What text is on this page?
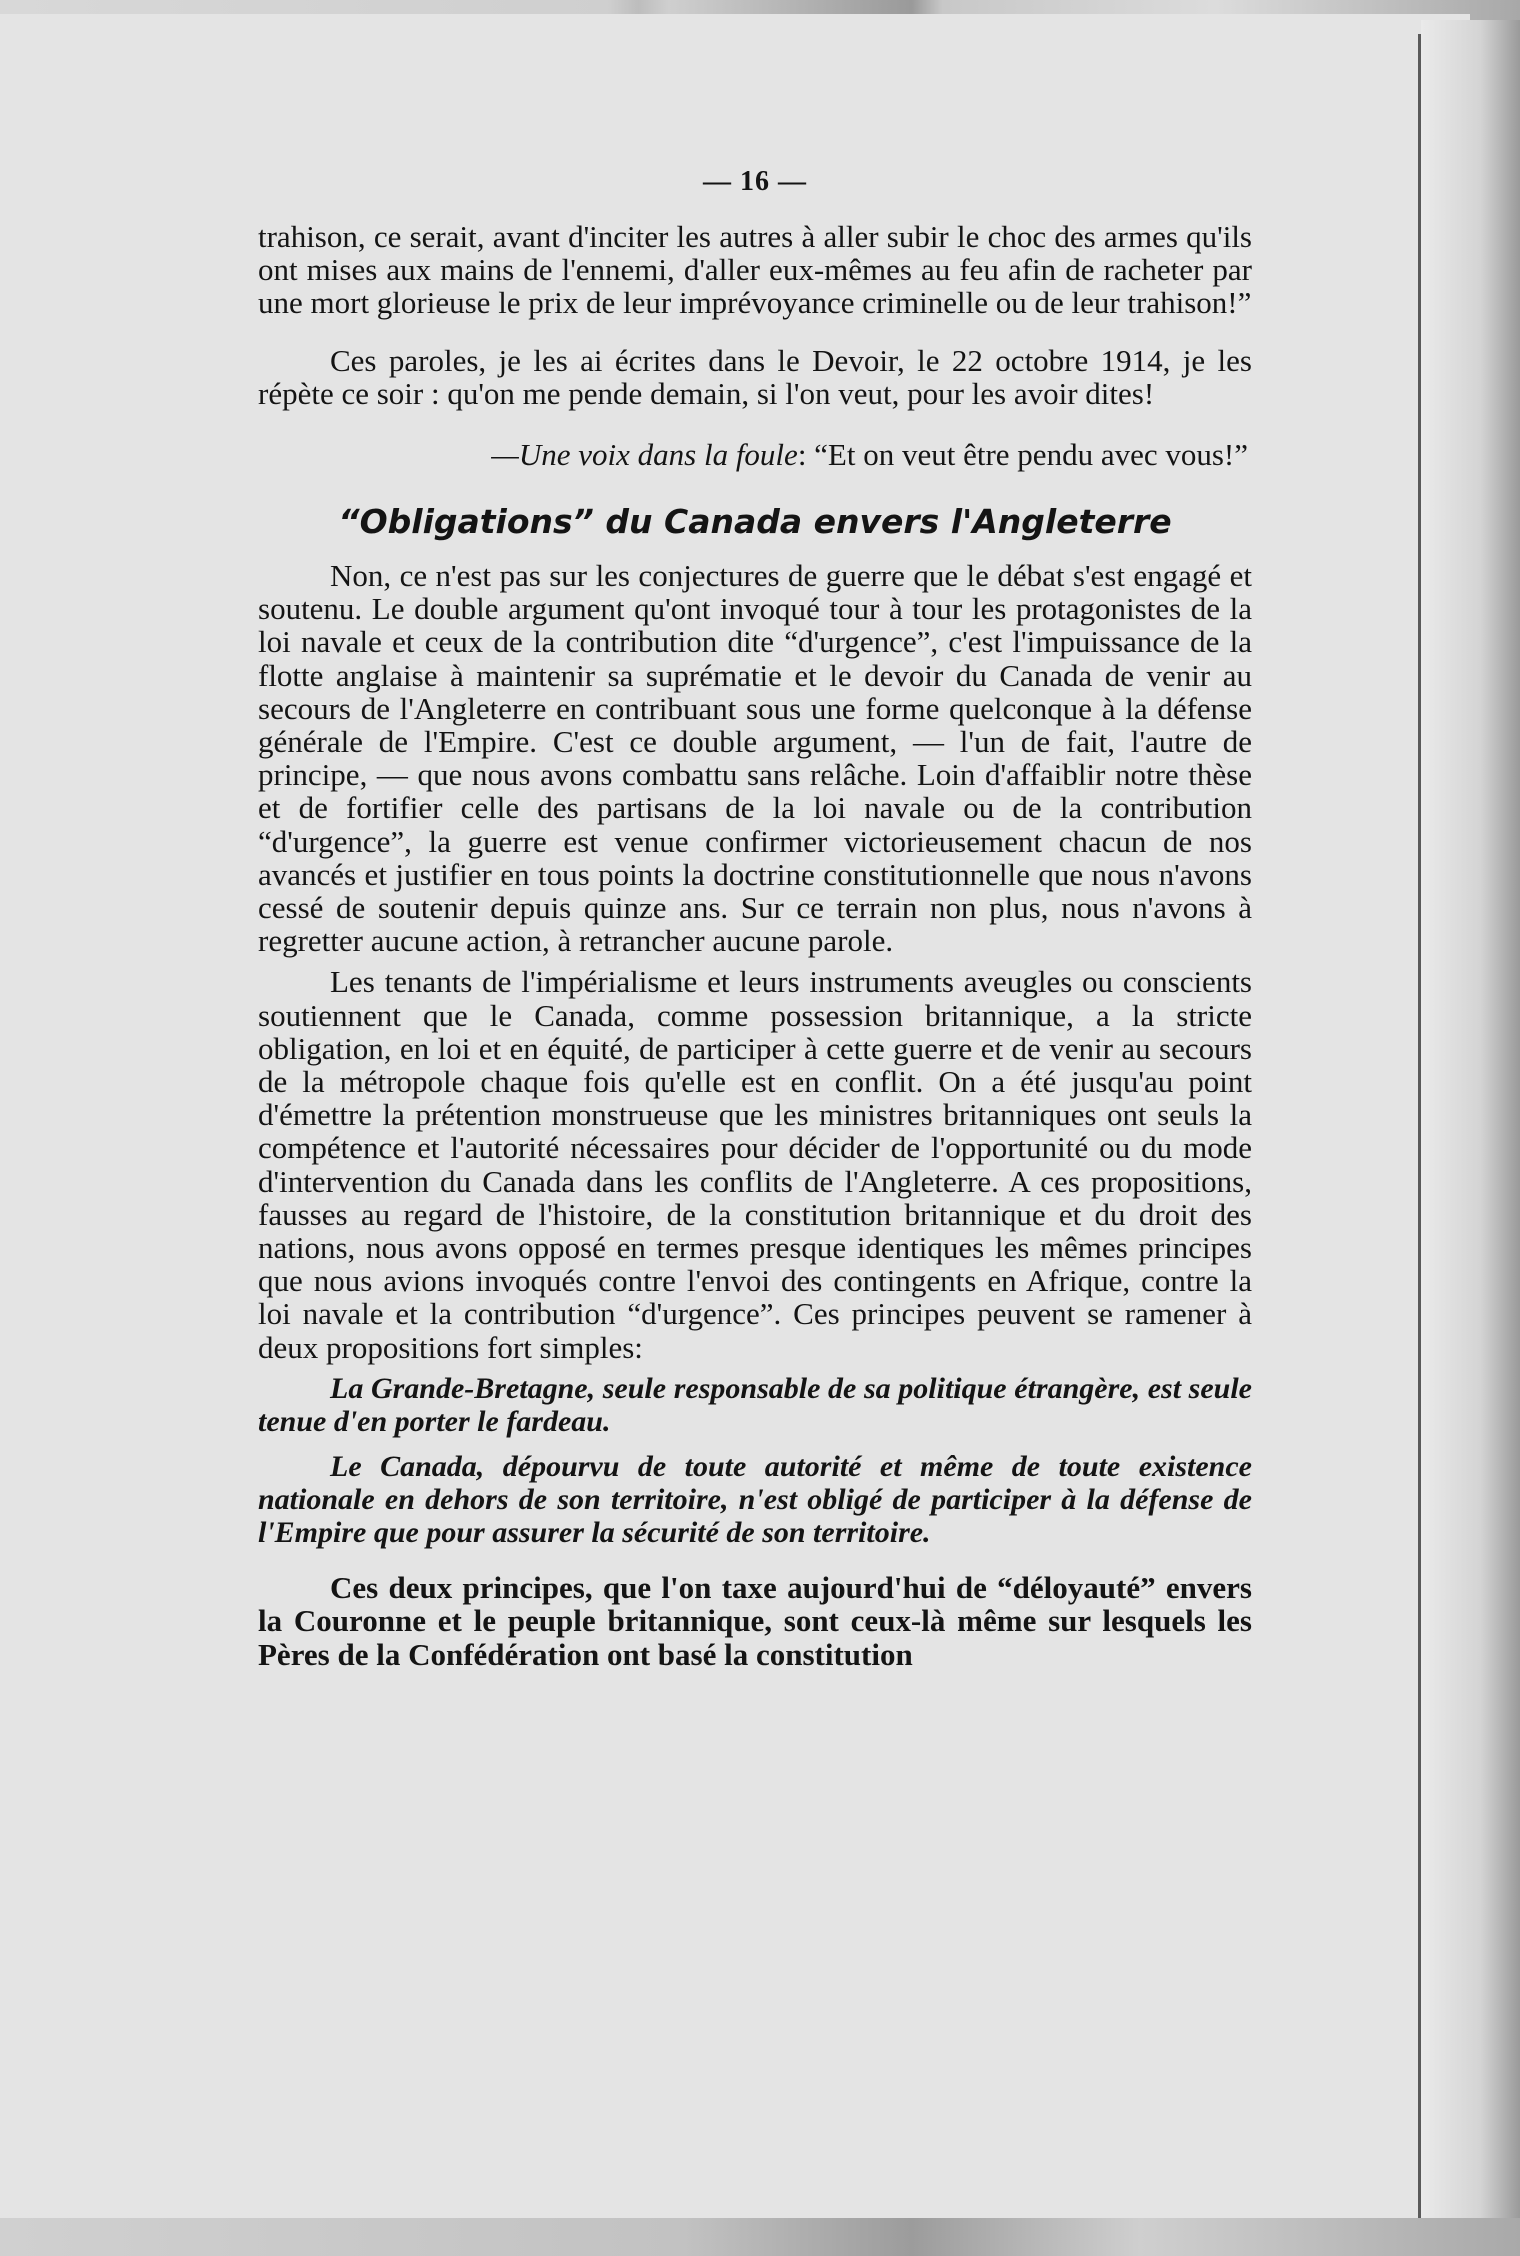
— 16 —

trahison, ce serait, avant d'inciter les autres à aller subir le choc des armes qu'ils ont mises aux mains de l'ennemi, d'aller eux-mêmes au feu afin de racheter par une mort glorieuse le prix de leur imprévoyance criminelle ou de leur trahison!”

Ces paroles, je les ai écrites dans le Devoir, le 22 octobre 1914, je les répète ce soir : qu'on me pende demain, si l'on veut, pour les avoir dites!

—Une voix dans la foule: “Et on veut être pendu avec vous!”

“Obligations” du Canada envers l'Angleterre

Non, ce n'est pas sur les conjectures de guerre que le débat s'est engagé et soutenu. Le double argument qu'ont invoqué tour à tour les protagonistes de la loi navale et ceux de la contribution dite “d'urgence”, c'est l'impuissance de la flotte anglaise à maintenir sa suprématie et le devoir du Canada de venir au secours de l'Angleterre en contribuant sous une forme quelconque à la défense générale de l'Empire. C'est ce double argument, — l'un de fait, l'autre de principe, — que nous avons combattu sans relâche. Loin d'affaiblir notre thèse et de fortifier celle des partisans de la loi navale ou de la contribution “d'urgence”, la guerre est venue confirmer victorieusement chacun de nos avancés et justifier en tous points la doctrine constitutionnelle que nous n'avons cessé de soutenir depuis quinze ans. Sur ce terrain non plus, nous n'avons à regretter aucune action, à retrancher aucune parole.

Les tenants de l'impérialisme et leurs instruments aveugles ou conscients soutiennent que le Canada, comme possession britannique, a la stricte obligation, en loi et en équité, de participer à cette guerre et de venir au secours de la métropole chaque fois qu'elle est en conflit. On a été jusqu'au point d'émettre la prétention monstrueuse que les ministres britanniques ont seuls la compétence et l'autorité nécessaires pour décider de l'opportunité ou du mode d'intervention du Canada dans les conflits de l'Angleterre. A ces propositions, fausses au regard de l'histoire, de la constitution britannique et du droit des nations, nous avons opposé en termes presque identiques les mêmes principes que nous avions invoqués contre l'envoi des contingents en Afrique, contre la loi navale et la contribution “d'urgence”. Ces principes peuvent se ramener à deux propositions fort simples:

La Grande-Bretagne, seule responsable de sa politique étrangère, est seule tenue d'en porter le fardeau.

Le Canada, dépourvu de toute autorité et même de toute existence nationale en dehors de son territoire, n'est obligé de participer à la défense de l'Empire que pour assurer la sécurité de son territoire.

Ces deux principes, que l'on taxe aujourd'hui de “déloyauté” envers la Couronne et le peuple britannique, sont ceux-là même sur lesquels les Pères de la Confédération ont basé la constitution
